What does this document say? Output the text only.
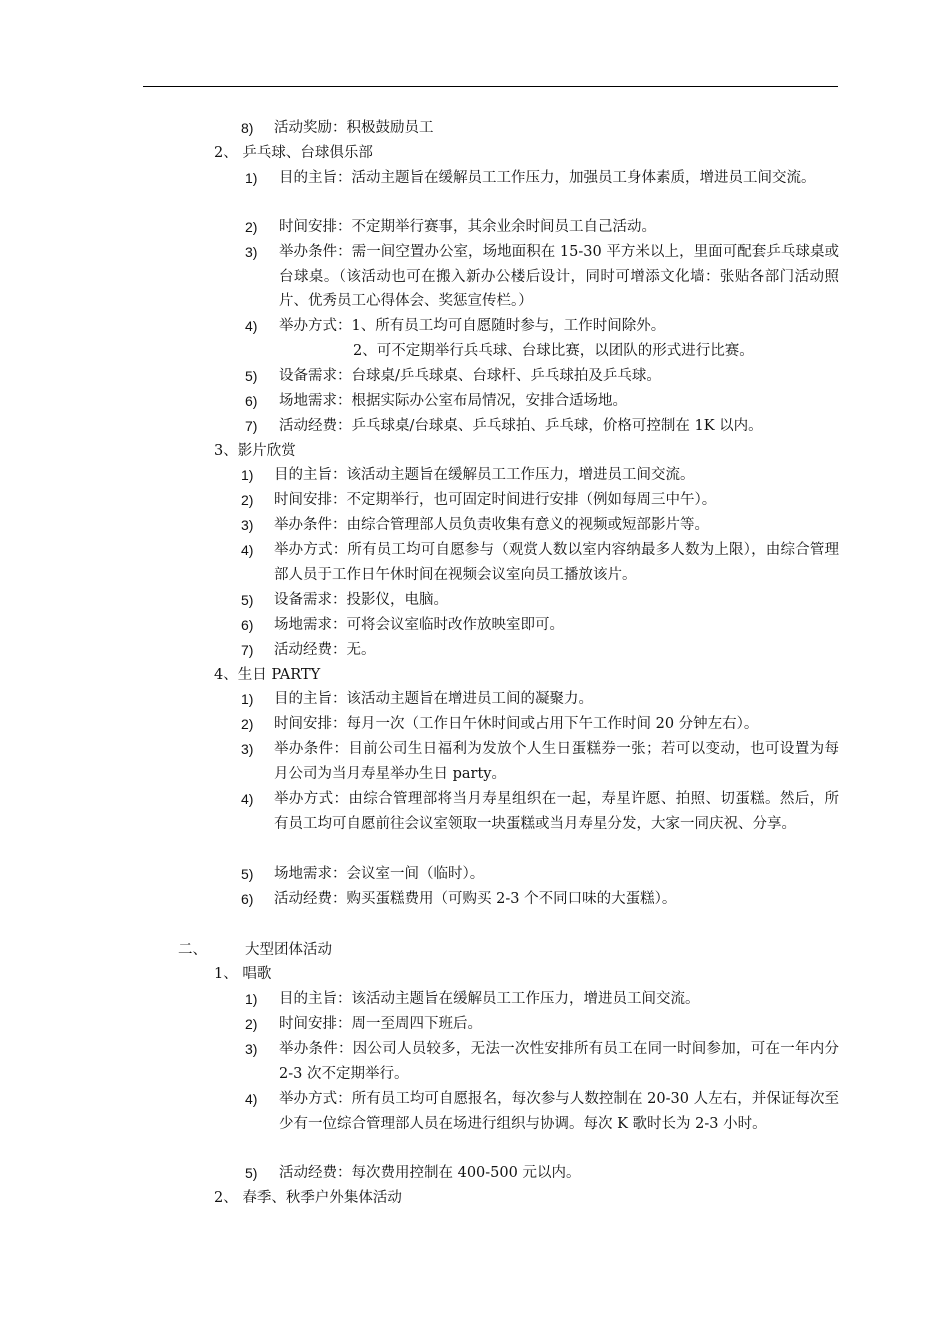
8) 活动奖励：积极鼓励员工
2、 乒乓球、台球俱乐部
1) 目的主旨：活动主题旨在缓解员工工作压力，加强员工身体素质，增进员工间交流。
2) 时间安排：不定期举行赛事，其余业余时间员工自己活动。
3) 举办条件：需一间空置办公室，场地面积在 15-30 平方米以上，里面可配套乒乓球桌或台球桌。（该活动也可在搬入新办公楼后设计，同时可增添文化墙：张贴各部门活动照片、优秀员工心得体会、奖惩宣传栏。）
4) 举办方式：1、所有员工均可自愿随时参与，工作时间除外。
2、可不定期举行兵乓球、台球比赛，以团队的形式进行比赛。
5) 设备需求：台球桌/乒乓球桌、台球杆、乒乓球拍及乒乓球。
6) 场地需求：根据实际办公室布局情况，安排合适场地。
7) 活动经费：乒乓球桌/台球桌、乒乓球拍、乒乓球，价格可控制在 1K 以内。
3、影片欣赏
1) 目的主旨：该活动主题旨在缓解员工工作压力，增进员工间交流。
2) 时间安排：不定期举行，也可固定时间进行安排（例如每周三中午）。
3) 举办条件：由综合管理部人员负责收集有意义的视频或短部影片等。
4) 举办方式：所有员工均可自愿参与（观赏人数以室内容纳最多人数为上限），由综合管理部人员于工作日午休时间在视频会议室向员工播放该片。
5) 设备需求：投影仪，电脑。
6) 场地需求：可将会议室临时改作放映室即可。
7) 活动经费：无。
4、生日 PARTY
1) 目的主旨：该活动主题旨在增进员工间的凝聚力。
2) 时间安排：每月一次（工作日午休时间或占用下午工作时间 20 分钟左右）。
3) 举办条件：目前公司生日福利为发放个人生日蛋糕券一张；若可以变动，也可设置为每月公司为当月寿星举办生日 party。
4) 举办方式：由综合管理部将当月寿星组织在一起，寿星许愿、拍照、切蛋糕。然后，所有员工均可自愿前往会议室领取一块蛋糕或当月寿星分发，大家一同庆祝、分享。
5) 场地需求：会议室一间（临时）。
6) 活动经费：购买蛋糕费用（可购买 2-3 个不同口味的大蛋糕）。
二、	大型团体活动
1、 唱歌
1) 目的主旨：该活动主题旨在缓解员工工作压力，增进员工间交流。
2) 时间安排：周一至周四下班后。
3) 举办条件：因公司人员较多，无法一次性安排所有员工在同一时间参加，可在一年内分 2-3 次不定期举行。
4) 举办方式：所有员工均可自愿报名，每次参与人数控制在 20-30 人左右，并保证每次至少有一位综合管理部人员在场进行组织与协调。每次 K 歌时长为 2-3 小时。
5) 活动经费：每次费用控制在 400-500 元以内。
2、 春季、秋季户外集体活动
